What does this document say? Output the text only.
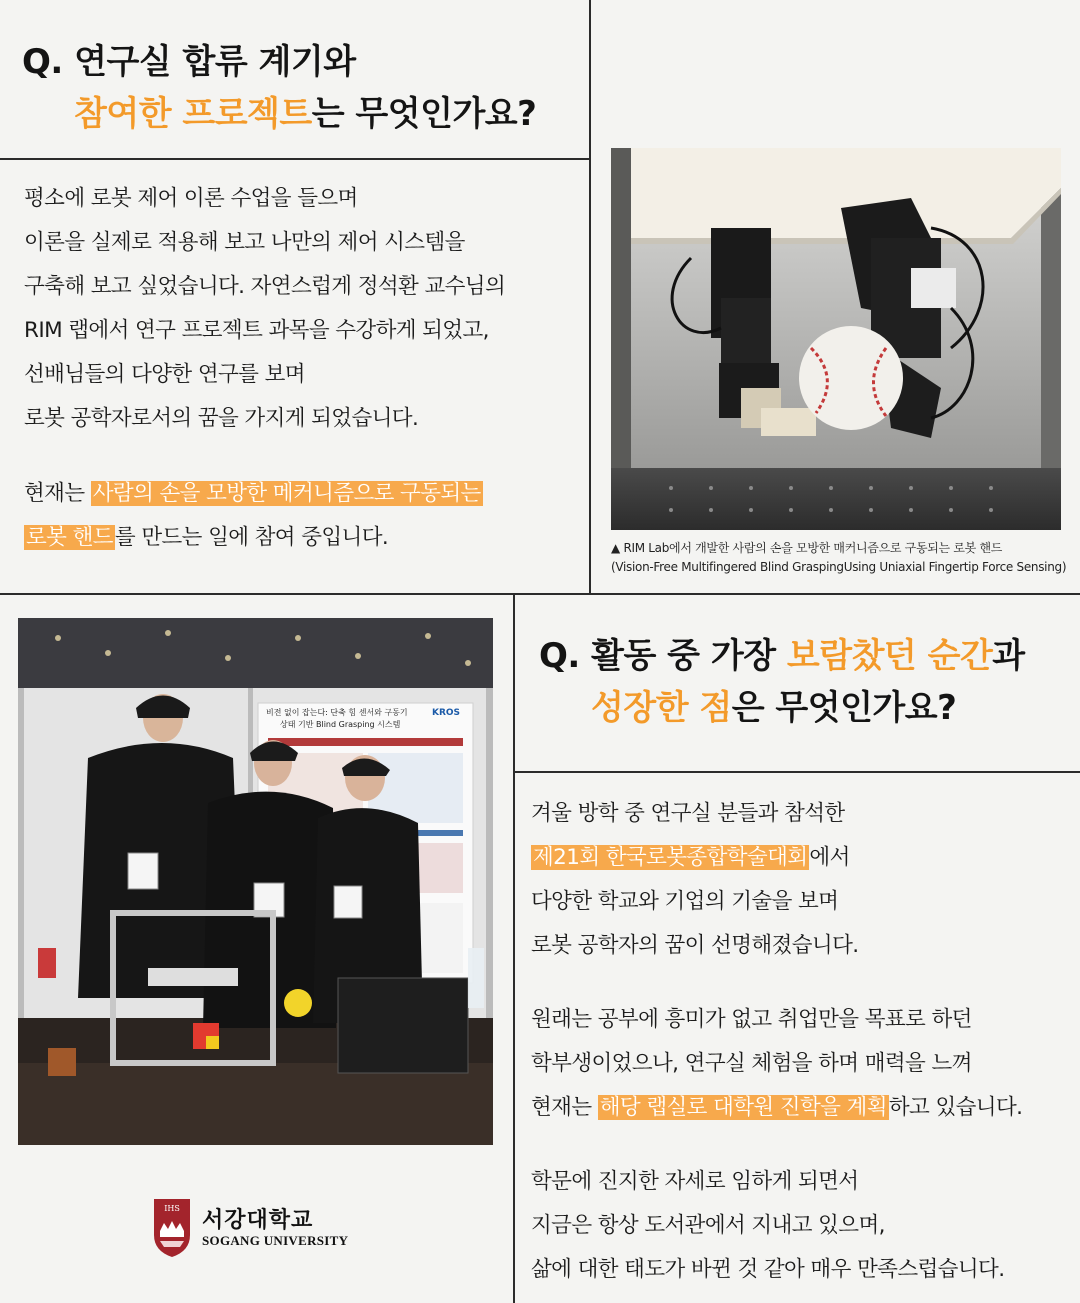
Q. 연구실 합류 계기와
참여한 프로젝트는 무엇인가요?

평소에 로봇 제어 이론 수업을 들으며

이론을 실제로 적용해 보고 나만의 제어 시스템을

구축해 보고 싶었습니다. 자연스럽게 정석환 교수님의

RIM 랩에서 연구 프로젝트 과목을 수강하게 되었고,

선배님들의 다양한 연구를 보며

로봇 공학자로서의 꿈을 가지게 되었습니다.

현재는 사람의 손을 모방한 메커니즘으로 구동되는

로봇 핸드를 만드는 일에 참여 중입니다.	▲ RIM Lab에서 개발한 사람의 손을 모방한 매커니즘으로 구동되는 로봇 핸드
(Vision-Free Multifingered Blind GraspingUsing Uniaxial Fingertip Force Sensing)
비전 없이 잡는다: 단축 힘 센서와 구동기
상태 기반 Blind Grasping 시스템
KROS
IHS 서강대학교
SOGANG UNIVERSITY
Q. 활동 중 가장 보람찼던 순간과
성장한 점은 무엇인가요?

겨울 방학 중 연구실 분들과 참석한

제21회 한국로봇종합학술대회에서

다양한 학교와 기업의 기술을 보며

로봇 공학자의 꿈이 선명해졌습니다.

원래는 공부에 흥미가 없고 취업만을 목표로 하던

학부생이었으나, 연구실 체험을 하며 매력을 느껴

현재는 해당 랩실로 대학원 진학을 계획하고 있습니다.

학문에 진지한 자세로 임하게 되면서

지금은 항상 도서관에서 지내고 있으며,

삶에 대한 태도가 바뀐 것 같아 매우 만족스럽습니다.
